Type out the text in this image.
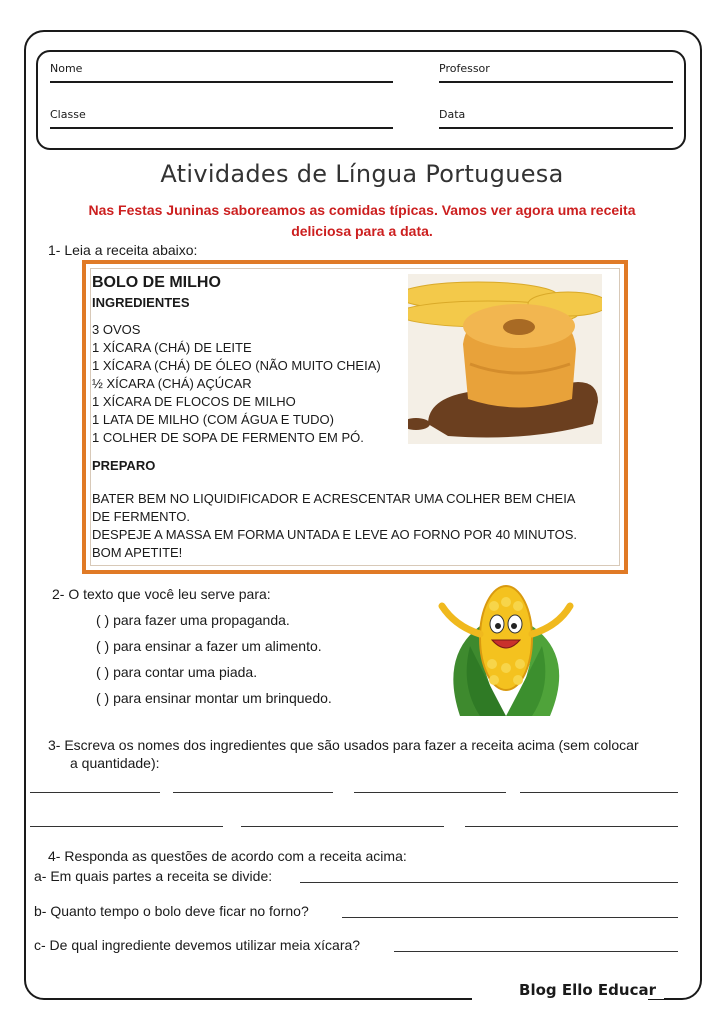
Nome	Professor
Classe	Data
Atividades de Língua Portuguesa
Nas Festas Juninas saboreamos as comidas típicas. Vamos ver agora uma receita
deliciosa para a data.
1- Leia a receita abaixo:
BOLO DE MILHO
INGREDIENTES
3 OVOS
1 XÍCARA (CHÁ) DE LEITE
1 XÍCARA (CHÁ) DE ÓLEO (NÃO MUITO CHEIA)
½ XÍCARA (CHÁ) AÇÚCAR
1 XÍCARA DE FLOCOS DE MILHO
1 LATA DE MILHO (COM ÁGUA E TUDO)
1 COLHER DE SOPA DE FERMENTO EM PÓ.
PREPARO
BATER BEM NO LIQUIDIFICADOR E ACRESCENTAR UMA COLHER BEM CHEIA
DE FERMENTO.
DESPEJE A MASSA EM FORMA UNTADA E LEVE AO FORNO POR 40 MINUTOS.
BOM APETITE!
2- O texto que você leu serve para:
( ) para fazer uma propaganda.
( ) para ensinar a fazer um alimento.
( ) para contar uma piada.
( ) para ensinar montar um brinquedo.
3- Escreva os nomes dos ingredientes que são usados para fazer a receita acima (sem colocar
a quantidade):
4- Responda as questões de acordo com a receita acima:
a- Em quais partes a receita se divide:
b- Quanto tempo o bolo deve ficar no forno?
c- De qual ingrediente devemos utilizar meia xícara?
Blog Ello Educar
